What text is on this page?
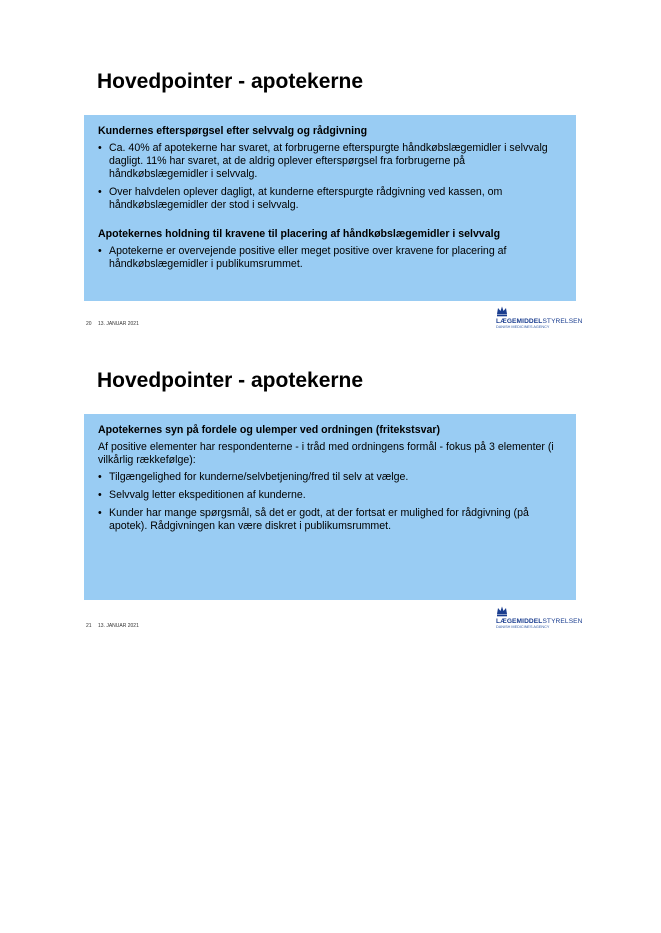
Hovedpointer - apotekerne
Kundernes efterspørgsel efter selvvalg og rådgivning
• Ca. 40% af apotekerne har svaret, at forbrugerne efterspurgte håndkøbslægemidler i selvvalg dagligt. 11% har svaret, at de aldrig oplever efterspørgsel fra forbrugerne på håndkøbslægemidler i selvvalg.
• Over halvdelen oplever dagligt, at kunderne efterspurgte rådgivning ved kassen, om håndkøbslægemidler der stod i selvvalg.
Apotekernes holdning til kravene til placering af håndkøbslægemidler i selvvalg
• Apotekerne er overvejende positive eller meget positive over kravene for placering af håndkøbslægemidler i publikumsrummet.
20 13. JANUAR 2021	LÆGEMIDDELSTYRELSEN
DANISH MEDICINES AGENCY
Hovedpointer - apotekerne
Apotekernes syn på fordele og ulemper ved ordningen (fritekstsvar)
Af positive elementer har respondenterne - i tråd med ordningens formål - fokus på 3 elementer (i vilkårlig rækkefølge):
• Tilgængelighed for kunderne/selvbetjening/fred til selv at vælge.
• Selvvalg letter ekspeditionen af kunderne.
• Kunder har mange spørgsmål, så det er godt, at der fortsat er mulighed for rådgivning (på apotek). Rådgivningen kan være diskret i publikumsrummet.
21 13. JANUAR 2021
LÆGEMIDDELSTYRELSEN
DANISH MEDICINES AGENCY
